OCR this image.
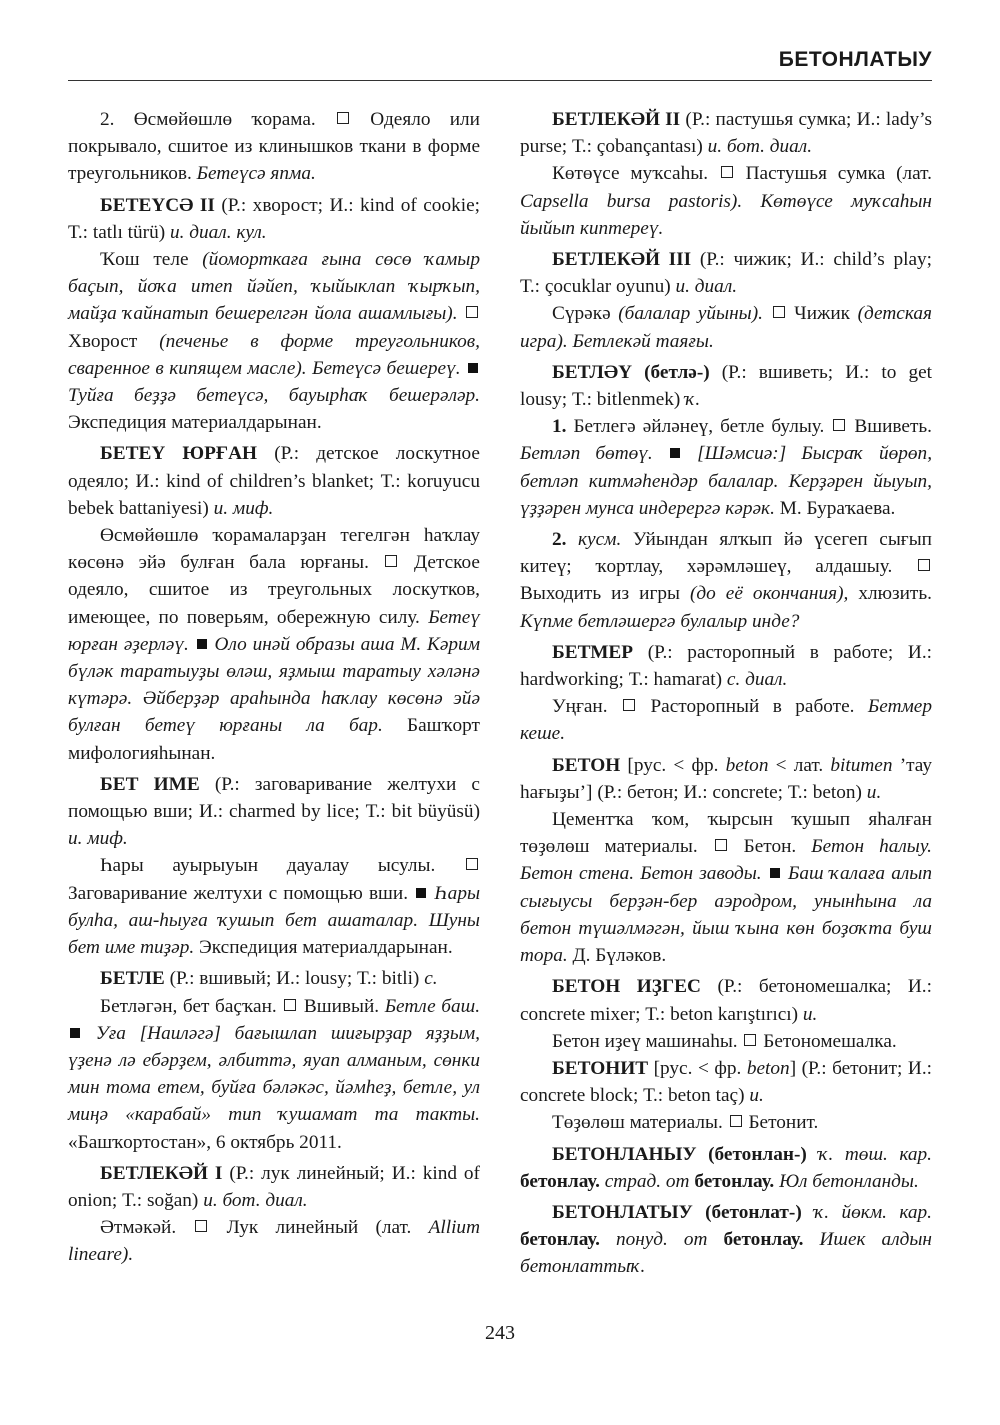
БЕТОНЛАТЫУ

2. Өсмөйөшлө ҡорама.	Одеяло или покрывало, сшитое из клинышков ткани в форме треугольников. Бетеүсә япма.

БЕТЕҮСӘ II (Р.: хворост; И.: kind of cookie; Т.: tatlı türü) и. диал. кул.

Ҡош теле (йоморткаға ғына сөсө ҡамыр баҫып, йоҡа итеп йәйеп, ҡыйыклап ҡырҡып, майҙа ҡайнатып бешерелгән йола ашамлығы).  Хворост (печенье в форме треугольников, сваренное в кипящем масле). Бетеүсә бешереү.  Туйға беҙҙә бетеүсә, бауырһаҡ бешерәләр. Экспедиция материалдарынан.

БЕТЕҮ ЮРҒАН (Р.: детское лоскутное одеяло; И.: kind of children’s blanket; Т.: koruyucu bebek battaniyesi) и. миф.

Өсмөйөшлө ҡорамаларҙан тегелгән һаҡлау көсөнә эйә булған бала юрғаны. Детское одеяло, сшитое из треугольных лоскутков, имеющее, по поверьям, обережную силу. Бетеү юрған әҙерләү. Оло инәй образы аша М. Кәрим бүләк таратыуҙы өләш, яҙмыш таратыу хәләнә күтәрә. Әйберҙәр араһында һаҡлау көсөнә эйә булған бетеү юрғаны ла бар. Башҡорт мифологияһынан.

БЕТ ИМЕ (Р.: заговаривание желтухи с помощью вши; И.: charmed by lice; Т.: bit büyüsü) и. миф.

Һары ауырыуын дауалау ысулы.  Заговаривание желтухи с помощью вши. Һары булһа, аш-һыуға ҡушып бет ашаталар. Шуны бет име тиҙәр. Экспедиция материалдарынан.

БЕТЛЕ (Р.: вшивый; И.: lousy; Т.: bitli) с.

Бетләгән, бет баҫҡан. Вшивый. Бетле баш.  Уға [Наиләгә] бағышлап шиғырҙар яҙҙым, үҙенә лә ебәрҙем, әлбиттә, яуап алманым, сөнки мин тома етем, буйға бәләкәс, йәмһеҙ, бетле, ул миңә «карабай» тип ҡушамат та такты. «Башҡортостан», 6 октябрь 2011.

БЕТЛЕКӘЙ I (Р.: лук линейный; И.: kind of onion; Т.: soğan) и. бот. диал.

Әтмәкәй.	Лук линейный (лат. Allium lineare).

БЕТЛЕКӘЙ II (Р.: пастушья сумка; И.: lady’s purse; Т.: çobançantası) и. бот. диал.

Көтөүсе муҡсаһы. Пастушья сумка (лат. Capsella bursa pastoris). Көтөүсе муҡсаһын йыйып киптереү.

БЕТЛЕКӘЙ III (Р.: чижик; И.: child’s play; Т.: çocuklar oyunu) и. диал.

Сүрәкә (балалар уйыны). Чижик (детская игра). Бетлекәй таяғы.

БЕТЛӘҮ (бетлә-) (Р.: вшиветь; И.: to get lousy; Т.: bitlenmek) ҡ.

1. Бетлегә әйләнеү, бетле булыу. Вшиветь. Бетләп бөтөү. [Шәмсиә:] Бысраҡ йөрөп, бетләп китмәһендәр балалар. Керҙәрен йыуып, үҙҙәрен мунса индерергә кәрәк. М. Бураҡаева.

2. кусм. Уйындан ялҡып йә үсегеп сығып китеү; ҡортлау, хәрәмләшеү, алдашыу.  Выходить из игры (до её окончания), хлюзить. Күпме бетләшергә булалыр инде?

БЕТМЕР (Р.: расторопный в работе; И.: hardworking; Т.: hamarat) с. диал.

Уңған. Расторопный в работе. Бетмер кеше.

БЕТОН [рус. < фр. beton < лат. bitumen ’тау һағыҙы’] (Р.: бетон; И.: concrete; Т.: beton) и.

Цементҡа ҡом, ҡырсын ҡушып яһалған төҙөлөш материалы. Бетон. Бетон һалыу. Бетон стена. Бетон заводы. Баш ҡалаға алып сығыусы берҙән-бер аэродром, унынһына ла бетон түшәлмәгән, йыш ҡына көн боҙоҡта буш тора. Д. Бүләков.

БЕТОН ИҘГЕС (Р.: бетономешалка; И.: concrete mixer; Т.: beton karıştırıcı) и.

Бетон иҙеү машинаһы. Бетономешалка.

БЕТОНИТ [рус. < фр. beton] (Р.: бетонит; И.: concrete block; Т.: beton taç) и.

Төҙөлөш материалы. Бетонит.

БЕТОНЛАНЫУ (бетонлан-) ҡ. төш. кар. бетонлау. страд. от бетонлау. Юл бетонланды.

БЕТОНЛАТЫУ (бетонлат-) ҡ. йөкм. кар. бетонлау. понуд. от бетонлау. Ишек алдын бетонлаттыҡ.

243
